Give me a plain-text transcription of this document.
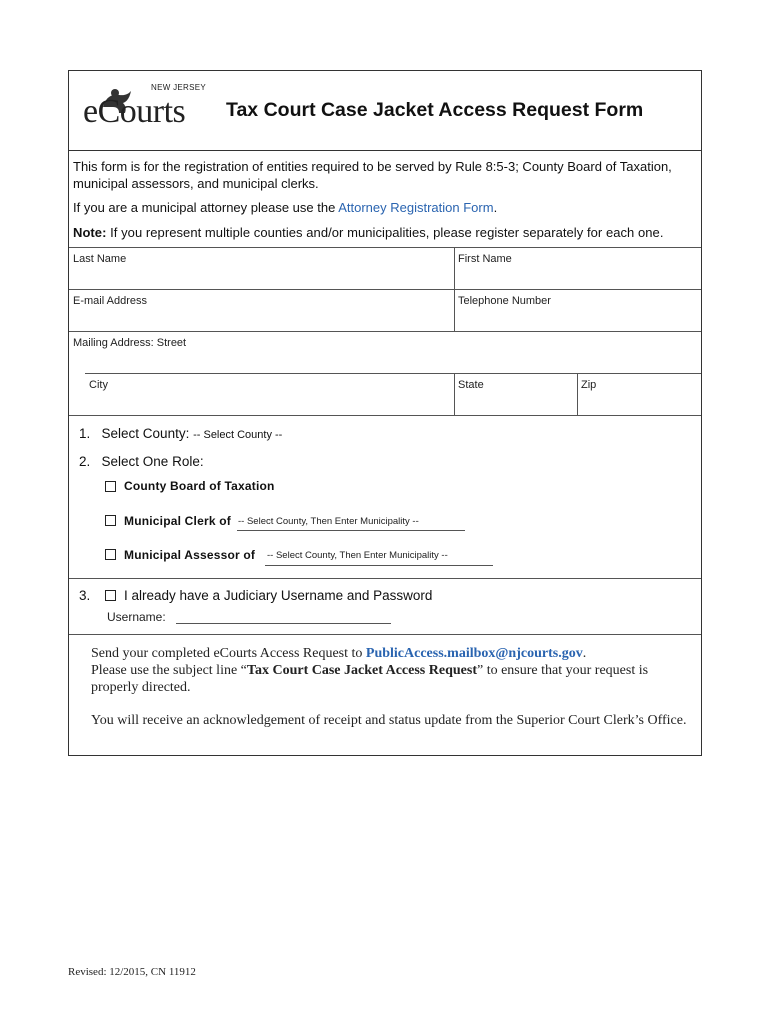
NEW JERSEY
eCourts Tax Court Case Jacket Access Request Form

This form is for the registration of entities required to be served by Rule 8:5-3; County Board of Taxation, municipal assessors, and municipal clerks.

If you are a municipal attorney please use the Attorney Registration Form.

Note: If you represent multiple counties and/or municipalities, please register separately for each one.

Last Name	First Name
E-mail Address	Telephone Number
Mailing Address: Street
City	State	Zip
1. Select County: -- Select County --
2. Select One Role:
County Board of Taxation
Municipal Clerk of -- Select County, Then Enter Municipality --
Municipal Assessor of -- Select County, Then Enter Municipality --
3. I already have a Judiciary Username and Password
Username:

Send your completed eCourts Access Request to PublicAccess.mailbox@njcourts.gov.

Please use the subject line “Tax Court Case Jacket Access Request” to ensure that your request is properly directed.

You will receive an acknowledgement of receipt and status update from the Superior Court Clerk’s Office.

Revised: 12/2015, CN 11912
